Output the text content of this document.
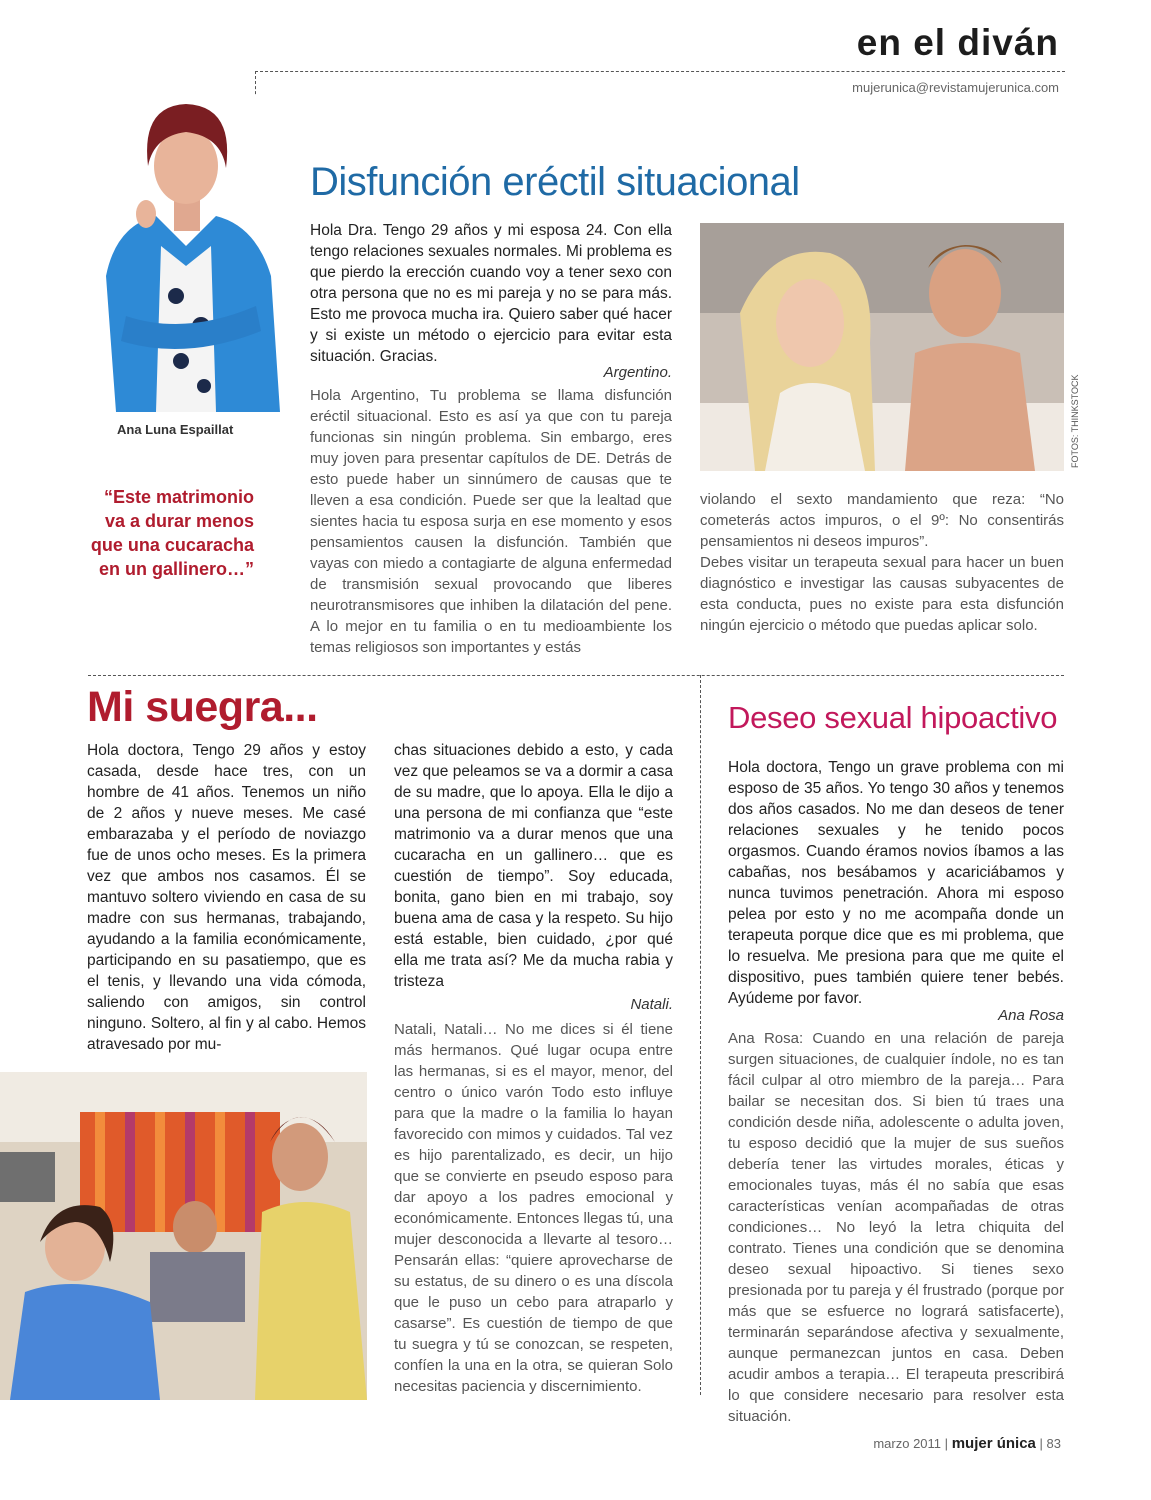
en el diván
mujerunica@revistamujerunica.com
Ana Luna Espaillat
“Este matrimonio va a durar menos que una cucaracha en un gallinero…”
Disfunción eréctil situacional
Hola Dra. Tengo 29 años y mi esposa 24. Con ella tengo relaciones sexuales normales. Mi problema es que pierdo la erección cuando voy a tener sexo con otra persona que no es mi pareja y no se para más. Esto me provoca mucha ira. Quiero saber qué hacer y si existe un método o ejercicio para evitar esta situación. Gracias.
Argentino.
Hola Argentino, Tu problema se llama disfunción eréctil situacional. Esto es así ya que con tu pareja funcionas sin ningún problema. Sin embargo, eres muy joven para presentar capítulos de DE. Detrás de esto puede haber un sinnúmero de causas que te lleven a esa condición. Puede ser que la lealtad que sientes hacia tu esposa surja en ese momento y esos pensamientos causen la disfunción. También que vayas con miedo a contagiarte de alguna enfermedad de transmisión sexual provocando que liberes neurotransmisores que inhiben la dilatación del pene. A lo mejor en tu familia o en tu medioambiente los temas religiosos son importantes y estás
FOTOS: THINKSTOCK
violando el sexto mandamiento que reza: “No cometerás actos impuros, o el 9º: No consentirás pensamientos ni deseos impuros”.
Debes visitar un terapeuta sexual para hacer un buen diagnóstico e investigar las causas subyacentes de esta conducta, pues no existe para esta disfunción ningún ejercicio o método que puedas aplicar solo.
Mi suegra...
Hola doctora, Tengo 29 años y estoy casada, desde hace tres, con un hombre de 41 años. Tenemos un niño de 2 años y nueve meses. Me casé embarazaba y el período de noviazgo fue de unos ocho meses. Es la primera vez que ambos nos casamos. Él se mantuvo soltero viviendo en casa de su madre con sus hermanas, trabajando, ayudando a la familia económicamente, participando en su pasatiempo, que es el tenis, y llevando una vida cómoda, saliendo con amigos, sin control ninguno. Soltero, al fin y al cabo. Hemos atravesado por mu-
chas situaciones debido a esto, y cada vez que peleamos se va a dormir a casa de su madre, que lo apoya. Ella le dijo a una persona de mi confianza que “este matrimonio va a durar menos que una cucaracha en un gallinero… que es cuestión de tiempo”. Soy educada, bonita, gano bien en mi trabajo, soy buena ama de casa y la respeto. Su hijo está estable, bien cuidado, ¿por qué ella me trata así? Me da mucha rabia y tristeza
Natali.
Natali, Natali… No me dices si él tiene más hermanos. Qué lugar ocupa entre las hermanas, si es el mayor, menor, del centro o único varón Todo esto influye para que la madre o la familia lo hayan favorecido con mimos y cuidados. Tal vez es hijo parentalizado, es decir, un hijo que se convierte en pseudo esposo para dar apoyo a los padres emocional y económicamente. Entonces llegas tú, una mujer desconocida a llevarte al tesoro… Pensarán ellas: “quiere aprovecharse de su estatus, de su dinero o es una díscola que le puso un cebo para atraparlo y casarse”. Es cuestión de tiempo de que tu suegra y tú se conozcan, se respeten, confíen la una en la otra, se quieran Solo necesitas paciencia y discernimiento.
Deseo sexual hipoactivo
Hola doctora, Tengo un grave problema con mi esposo de 35 años. Yo tengo 30 años y tenemos dos años casados. No me dan deseos de tener relaciones sexuales y he tenido pocos orgasmos. Cuando éramos novios íbamos a las cabañas, nos besábamos y acariciábamos y nunca tuvimos penetración. Ahora mi esposo pelea por esto y no me acompaña donde un terapeuta porque dice que es mi problema, que lo resuelva. Me presiona para que me quite el dispositivo, pues también quiere tener bebés. Ayúdeme por favor.
Ana Rosa
Ana Rosa: Cuando en una relación de pareja surgen situaciones, de cualquier índole, no es tan fácil culpar al otro miembro de la pareja… Para bailar se necesitan dos. Si bien tú traes una condición desde niña, adolescente o adulta joven, tu esposo decidió que la mujer de sus sueños debería tener las virtudes morales, éticas y emocionales tuyas, más él no sabía que esas características venían acompañadas de otras condiciones… No leyó la letra chiquita del contrato. Tienes una condición que se denomina deseo sexual hipoactivo. Si tienes sexo presionada por tu pareja y él frustrado (porque por más que se esfuerce no logrará satisfacerte), terminarán separándose afectiva y sexualmente, aunque permanezcan juntos en casa. Deben acudir ambos a terapia… El terapeuta prescribirá lo que considere necesario para resolver esta situación.
marzo 2011 | mujer única | 83
